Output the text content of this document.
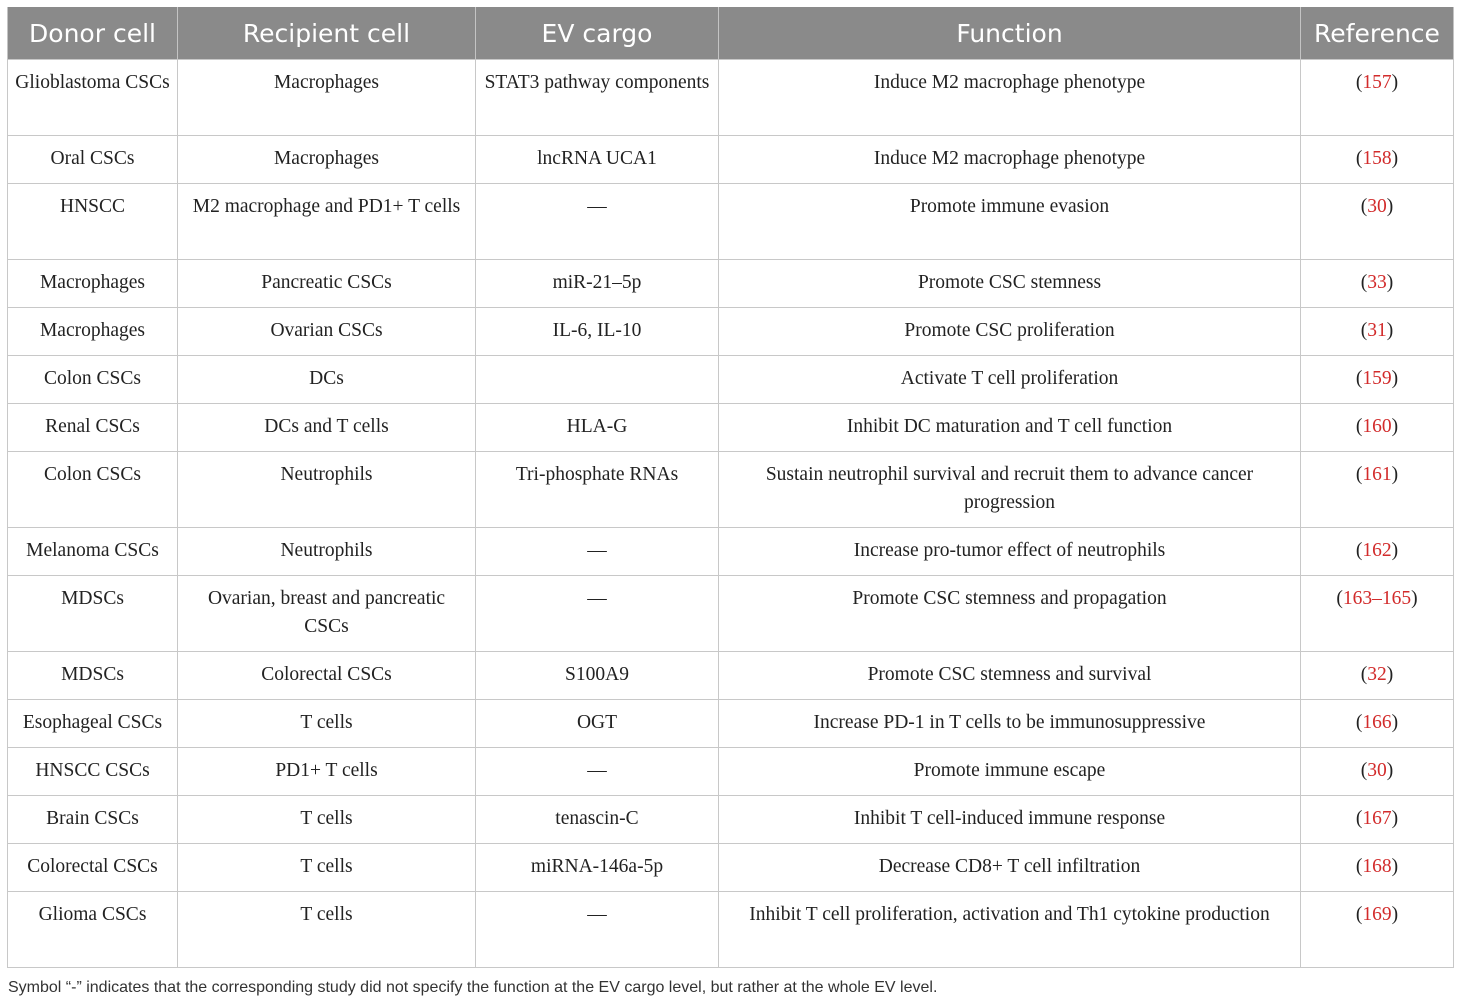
Donor cell	Recipient cell	EV cargo	Function	Reference
Glioblastoma CSCs	Macrophages	STAT3 pathway components	Induce M2 macrophage phenotype	(157)
Oral CSCs	Macrophages	lncRNA UCA1	Induce M2 macrophage phenotype	(158)
HNSCC	M2 macrophage and PD1+ T cells	—	Promote immune evasion	(30)
Macrophages	Pancreatic CSCs	miR-21–5p	Promote CSC stemness	(33)
Macrophages	Ovarian CSCs	IL-6, IL-10	Promote CSC proliferation	(31)
Colon CSCs	DCs		Activate T cell proliferation	(159)
Renal CSCs	DCs and T cells	HLA-G	Inhibit DC maturation and T cell function	(160)
Colon CSCs	Neutrophils	Tri-phosphate RNAs	Sustain neutrophil survival and recruit them to advance cancer progression	(161)
Melanoma CSCs	Neutrophils	—	Increase pro-tumor effect of neutrophils	(162)
MDSCs	Ovarian, breast and pancreatic CSCs	—	Promote CSC stemness and propagation	(163–165)
MDSCs	Colorectal CSCs	S100A9	Promote CSC stemness and survival	(32)
Esophageal CSCs	T cells	OGT	Increase PD-1 in T cells to be immunosuppressive	(166)
HNSCC CSCs	PD1+ T cells	—	Promote immune escape	(30)
Brain CSCs	T cells	tenascin-C	Inhibit T cell-induced immune response	(167)
Colorectal CSCs	T cells	miRNA-146a-5p	Decrease CD8+ T cell infiltration	(168)
Glioma CSCs	T cells	—	Inhibit T cell proliferation, activation and Th1 cytokine production	(169)
Symbol “-” indicates that the corresponding study did not specify the function at the EV cargo level, but rather at the whole EV level.
